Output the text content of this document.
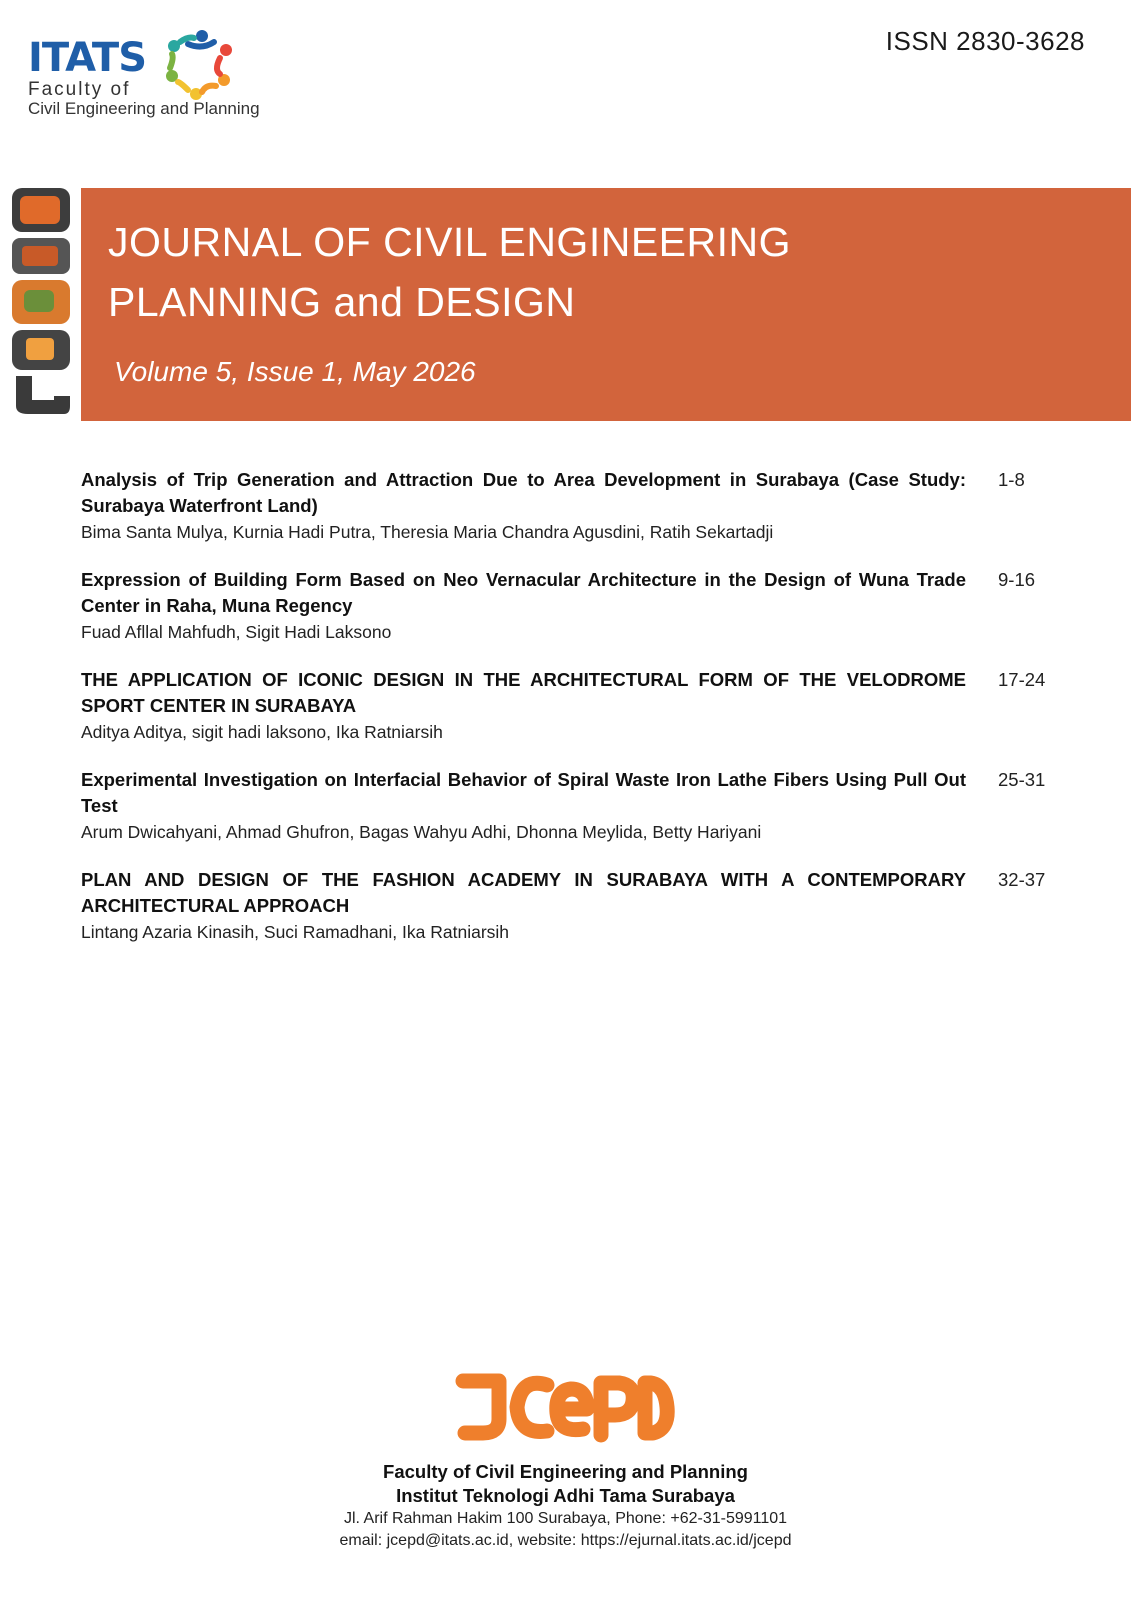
ITATS
Faculty of
Civil Engineering and Planning
ISSN 2830-3628
JOURNAL OF CIVIL ENGINEERING
PLANNING and DESIGN
Volume 5, Issue 1, May 2026
Analysis of Trip Generation and Attraction Due to Area Development in Surabaya (Case Study: Surabaya Waterfront Land)
Bima Santa Mulya, Kurnia Hadi Putra, Theresia Maria Chandra Agusdini, Ratih Sekartadji
1-8
Expression of Building Form Based on Neo Vernacular Architecture in the Design of Wuna Trade Center in Raha, Muna Regency
Fuad Afllal Mahfudh, Sigit Hadi Laksono
9-16
THE APPLICATION OF ICONIC DESIGN IN THE ARCHITECTURAL FORM OF THE VELODROME SPORT CENTER IN SURABAYA
Aditya Aditya, sigit hadi laksono, Ika Ratniarsih
17-24
Experimental Investigation on Interfacial Behavior of Spiral Waste Iron Lathe Fibers Using Pull Out Test
Arum Dwicahyani, Ahmad Ghufron, Bagas Wahyu Adhi, Dhonna Meylida, Betty Hariyani
25-31
PLAN AND DESIGN OF THE FASHION ACADEMY IN SURABAYA WITH A CONTEMPORARY ARCHITECTURAL APPROACH
Lintang Azaria Kinasih, Suci Ramadhani, Ika Ratniarsih
32-37
Faculty of Civil Engineering and Planning
Institut Teknologi Adhi Tama Surabaya
Jl. Arif Rahman Hakim 100 Surabaya, Phone: +62-31-5991101
email: jcepd@itats.ac.id, website: https://ejurnal.itats.ac.id/jcepd
